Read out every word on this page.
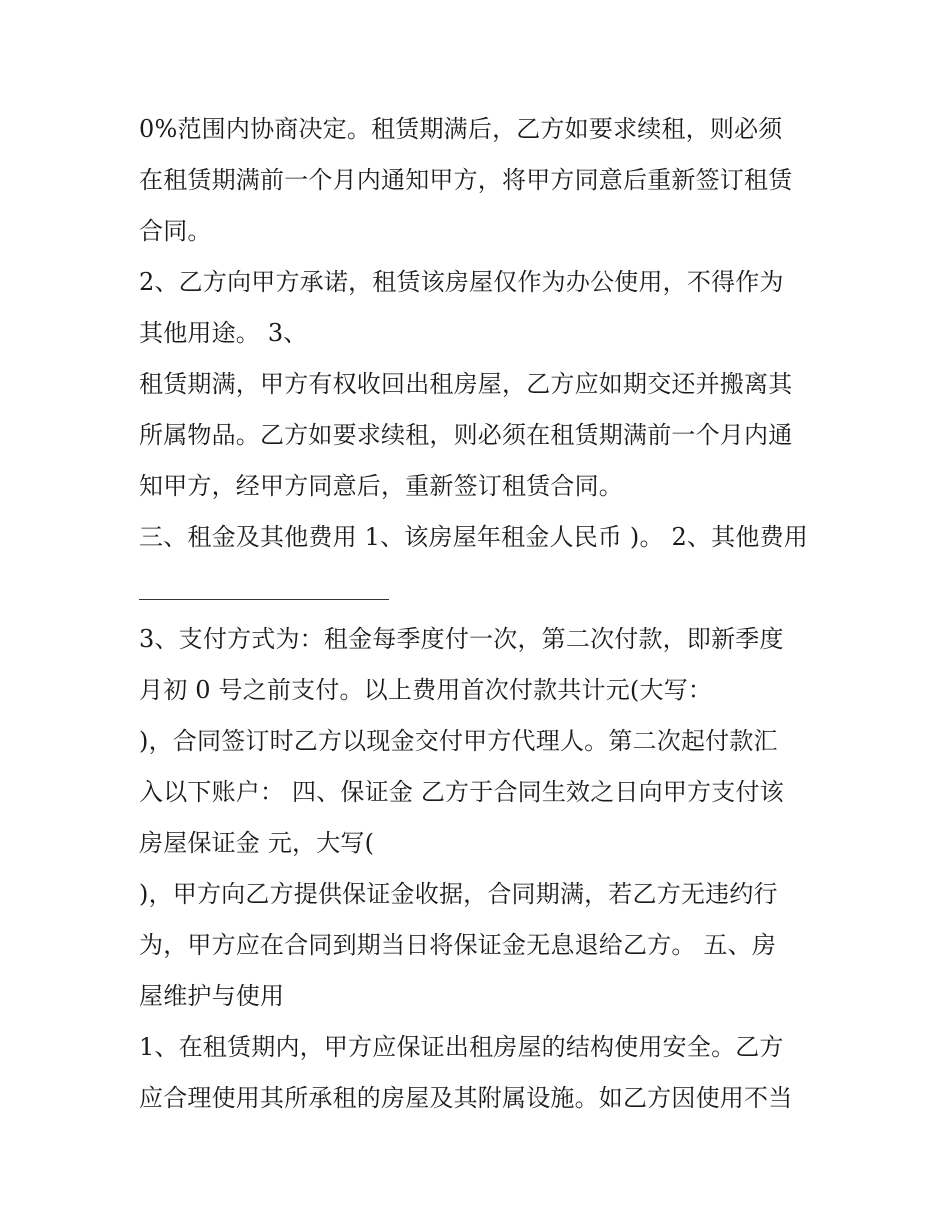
0%范围内协商决定。租赁期满后，乙方如要求续租，则必须
在租赁期满前一个月内通知甲方，将甲方同意后重新签订租赁
合同。
2、乙方向甲方承诺，租赁该房屋仅作为办公使用，不得作为
其他用途。 3、
租赁期满，甲方有权收回出租房屋，乙方应如期交还并搬离其
所属物品。乙方如要求续租，则必须在租赁期满前一个月内通
知甲方，经甲方同意后，重新签订租赁合同。
三、租金及其他费用 1、该房屋年租金人民币 )。 2、其他费用
3、支付方式为：租金每季度付一次，第二次付款，即新季度
月初 0 号之前支付。以上费用首次付款共计元(大写：
)，合同签订时乙方以现金交付甲方代理人。第二次起付款汇
入以下账户： 四、保证金 乙方于合同生效之日向甲方支付该
房屋保证金 元，大写(
)，甲方向乙方提供保证金收据，合同期满，若乙方无违约行
为，甲方应在合同到期当日将保证金无息退给乙方。 五、房
屋维护与使用
1、在租赁期内，甲方应保证出租房屋的结构使用安全。乙方
应合理使用其所承租的房屋及其附属设施。如乙方因使用不当
